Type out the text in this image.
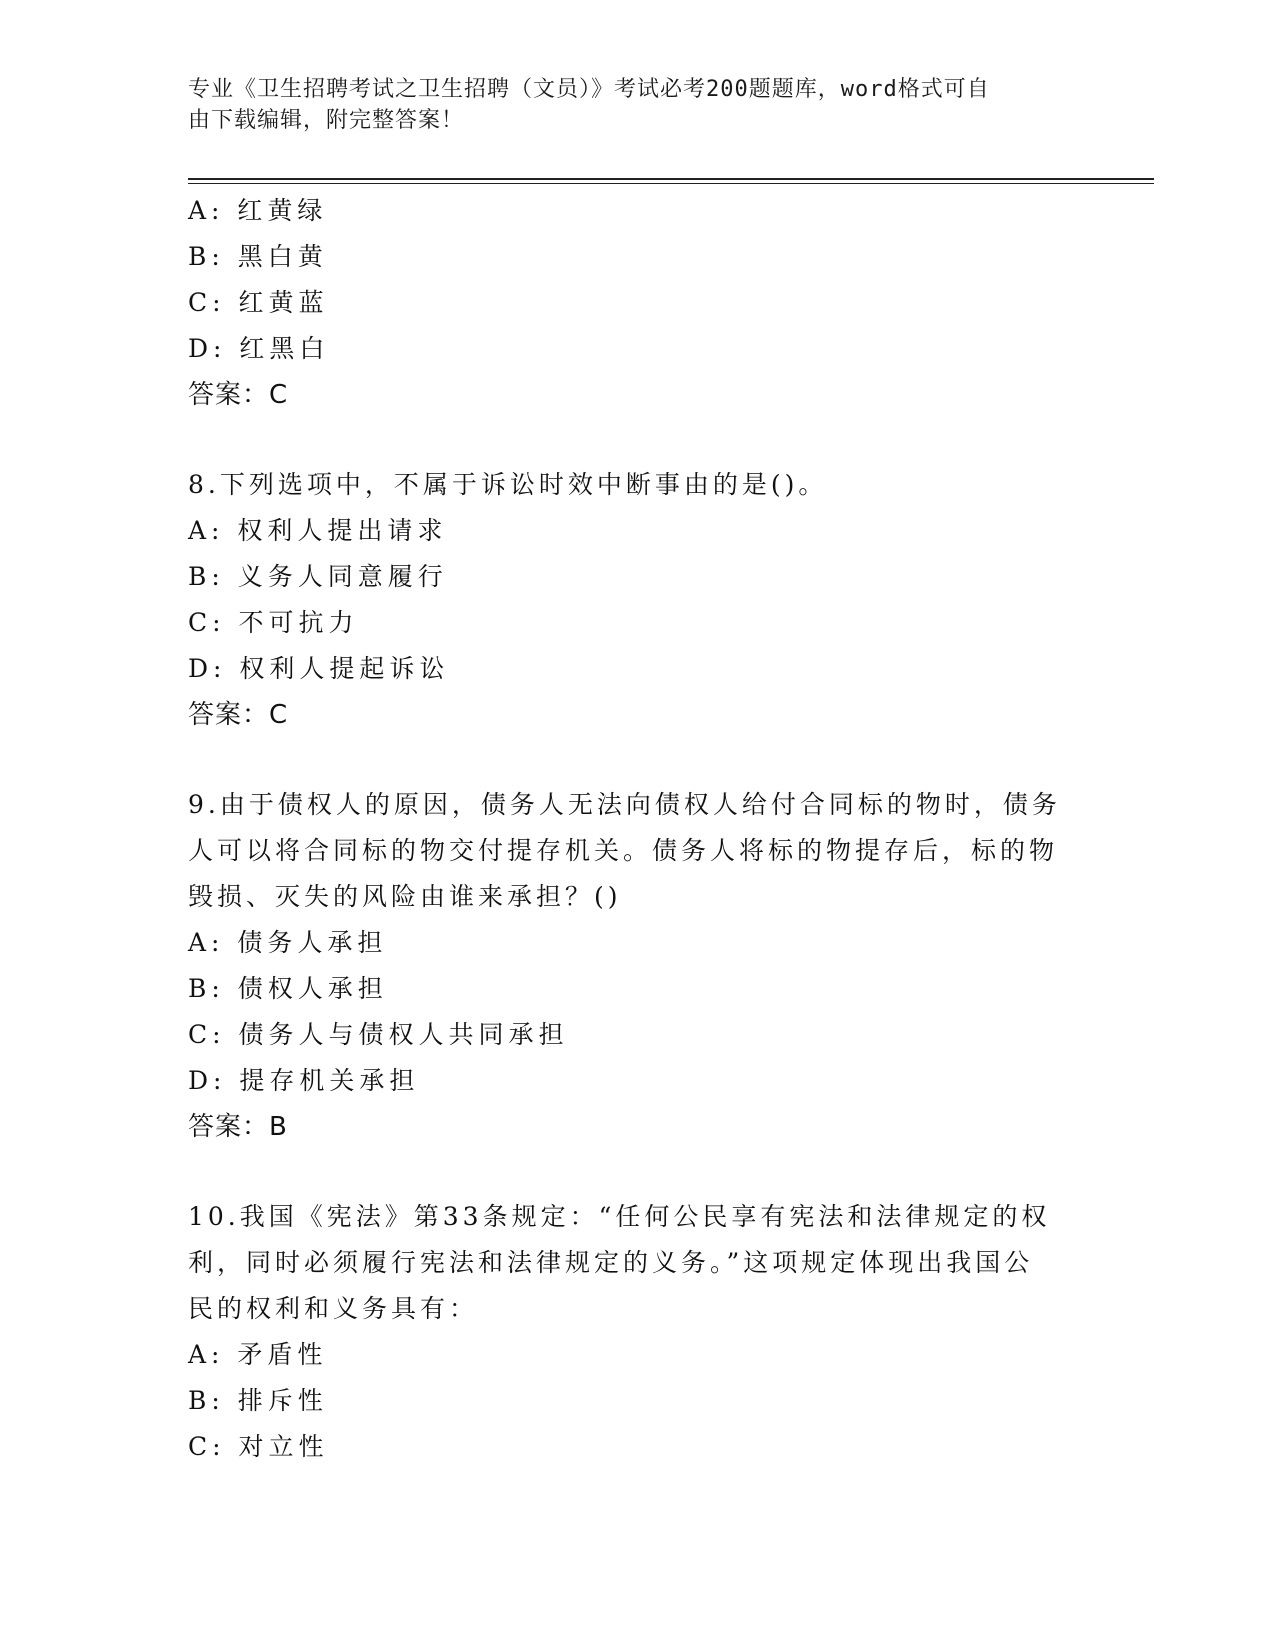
专业《卫生招聘考试之卫生招聘（文员）》考试必考200题题库，word格式可自
由下载编辑，附完整答案！
A: 红黄绿
B: 黑白黄
C: 红黄蓝
D: 红黑白
答案：C
8.下列选项中，不属于诉讼时效中断事由的是()。
A: 权利人提出请求
B: 义务人同意履行
C: 不可抗力
D: 权利人提起诉讼
答案：C
9.由于债权人的原因，债务人无法向债权人给付合同标的物时，债务
人可以将合同标的物交付提存机关。债务人将标的物提存后，标的物
毁损、灭失的风险由谁来承担？()
A: 债务人承担
B: 债权人承担
C: 债务人与债权人共同承担
D: 提存机关承担
答案：B
10.我国《宪法》第33条规定：“任何公民享有宪法和法律规定的权
利，同时必须履行宪法和法律规定的义务。”这项规定体现出我国公
民的权利和义务具有：
A: 矛盾性
B: 排斥性
C: 对立性
